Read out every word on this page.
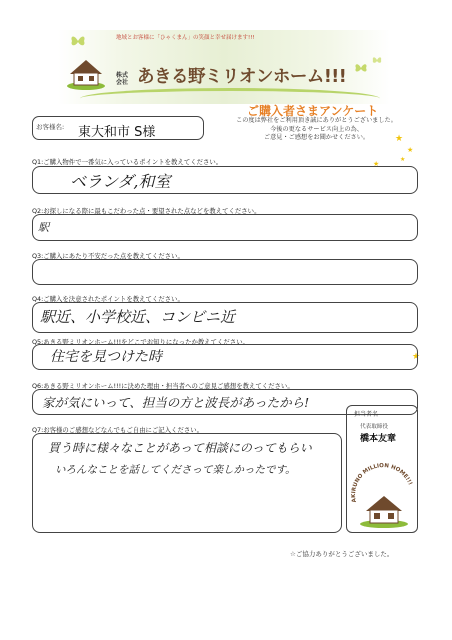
地域とお客様に「ひゃくまん」の笑顔と幸せ届けます!!!
株式会社 あきる野ミリオンホーム!!!
お客様名: 東大和市 S様
ご購入者さまアンケート
この度は弊社をご利用頂き誠にありがとうございました。
今後の更なるサービス向上の為、
ご意見・ご感想をお聞かせください。	★
★
★
★
★
Q1:ご購入物件で一番気に入っているポイントを教えてください。
ベランダ,和室
Q2:お探しになる際に最もこだわった点・要望された点などを教えてください。
駅
Q3:ご購入にあたり不安だった点を教えてください。
Q4:ご購入を決意されたポイントを教えてください。
駅近、小学校近、コンビニ近
Q5:あきる野ミリオンホーム!!!をどこでお知りになったか教えてください。
住宅を見つけた時
Q6:あきる野ミリオンホーム!!!に決めた理由・担当者へのご意見ご感想を教えてください。
家が気にいって、担当の方と波長があったから!
Q7:お客様のご感想などなんでもご自由にご記入ください。
買う時に様々なことがあって相談にのってもらい
いろんなことを話してくださって楽しかったです。
担当者名
代表取締役
橋本友章
AKIRUNO MILLION HOME!!!
☆ご協力ありがとうございました。
